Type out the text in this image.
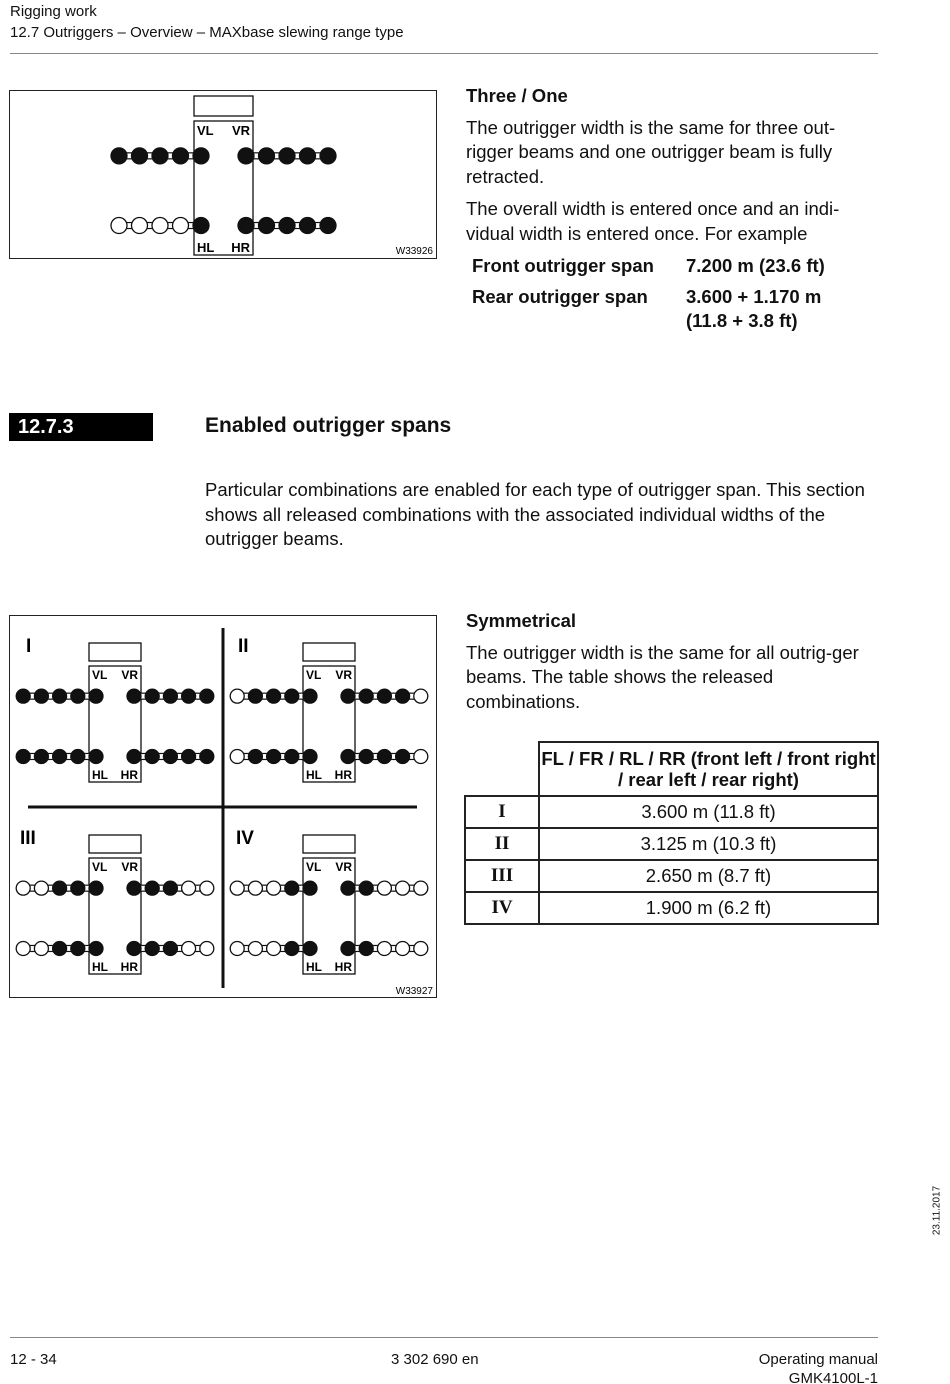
Rigging work
12.7 Outriggers – Overview – MAXbase slewing range type
VL VR
HL HR	W33926
Three / One

The outrigger width is the same for three out-rigger beams and one outrigger beam is fully retracted.

The overall width is entered once and an indi-vidual width is entered once. For example

Front outrigger span	7.200 m (23.6 ft)
Rear outrigger span	3.600 + 1.170 m
(11.8 + 3.8 ft)
12.7.3	Enabled outrigger spans
Particular combinations are enabled for each type of outrigger span. This section shows all released combinations with the associated individual widths of the outrigger beams.
I
VL VR
HL HR
II
VL VR
HL HR
III
VL VR
HL HR
IV
VL VR
HL HR
W33927
Symmetrical

The outrigger width is the same for all outrig-ger beams. The table shows the released combinations.

	FL / FR / RL / RR (front left / front right / rear left / rear right)
I	3.600 m (11.8 ft)
II	3.125 m (10.3 ft)
III	2.650 m (8.7 ft)
IV	1.900 m (6.2 ft)
23.11.2017
12 - 34	3 302 690 en	Operating manual
GMK4100L-1
